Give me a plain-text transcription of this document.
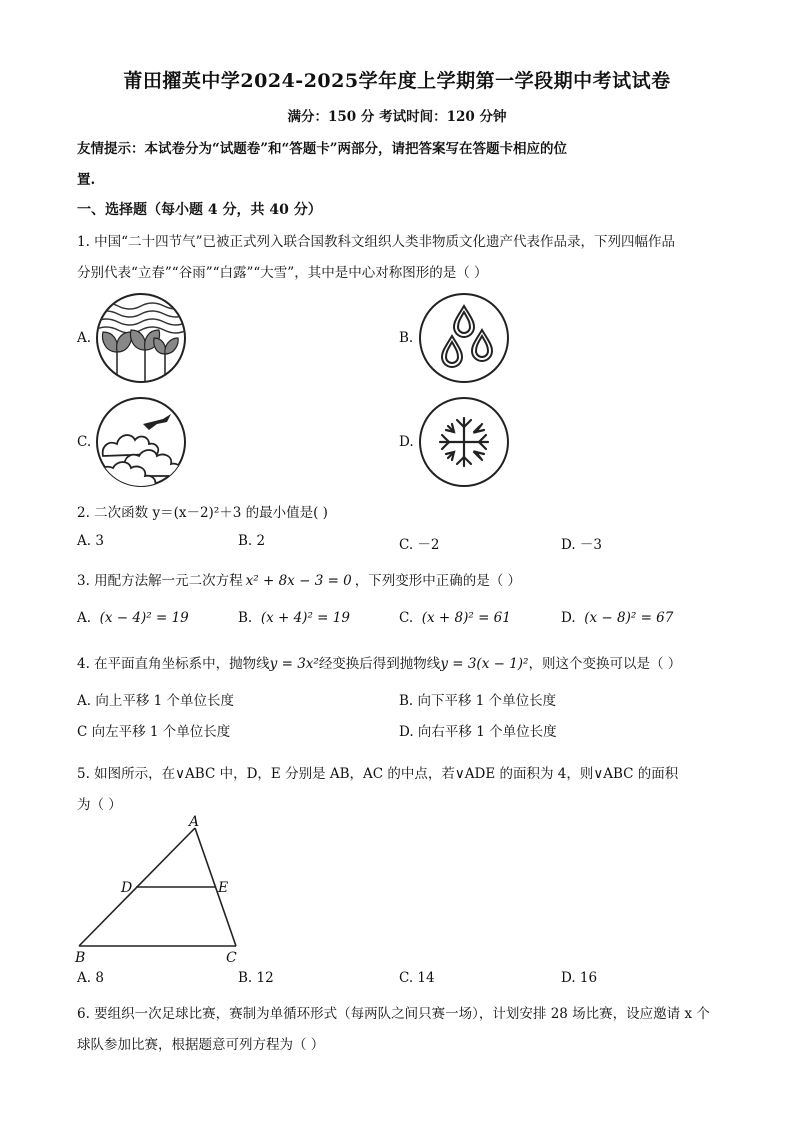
莆田擢英中学2024-2025学年度上学期第一学段期中考试试卷
满分：150 分 考试时间：120 分钟
友情提示：本试卷分为“试题卷”和“答题卡”两部分，请把答案写在答题卡相应的位
置.
一、选择题（每小题 4 分，共 40 分）
1. 中国“二十四节气”已被正式列入联合国教科文组织人类非物质文化遗产代表作品录，下列四幅作品
分别代表“立春”“谷雨”“白露”“大雪”，其中是中心对称图形的是（ ）
A.	B.
C.	D.
2. 二次函数 y＝(x－2)²＋3 的最小值是( )
A. 3	B. 2	C. －2	D. －3
3. 用配方法解一元二次方程 x² + 8x − 3 = 0 ，下列变形中正确的是（ ）
A. (x − 4)² = 19	B. (x + 4)² = 19	C. (x + 8)² = 61	D. (x − 8)² = 67
4. 在平面直角坐标系中，抛物线y = 3x²经变换后得到抛物线y = 3(x − 1)²，则这个变换可以是（ ）
A. 向上平移 1 个单位长度	B. 向下平移 1 个单位长度
C 向左平移 1 个单位长度	D. 向右平移 1 个单位长度
5. 如图所示，在∨ABC 中，D，E 分别是 AB，AC 的中点，若∨ADE 的面积为 4，则∨ABC 的面积
为（ ）
A
B	C
D	E
A. 8	B. 12	C. 14	D. 16
6. 要组织一次足球比赛，赛制为单循环形式（每两队之间只赛一场），计划安排 28 场比赛，设应邀请 x 个
球队参加比赛，根据题意可列方程为（ ）
